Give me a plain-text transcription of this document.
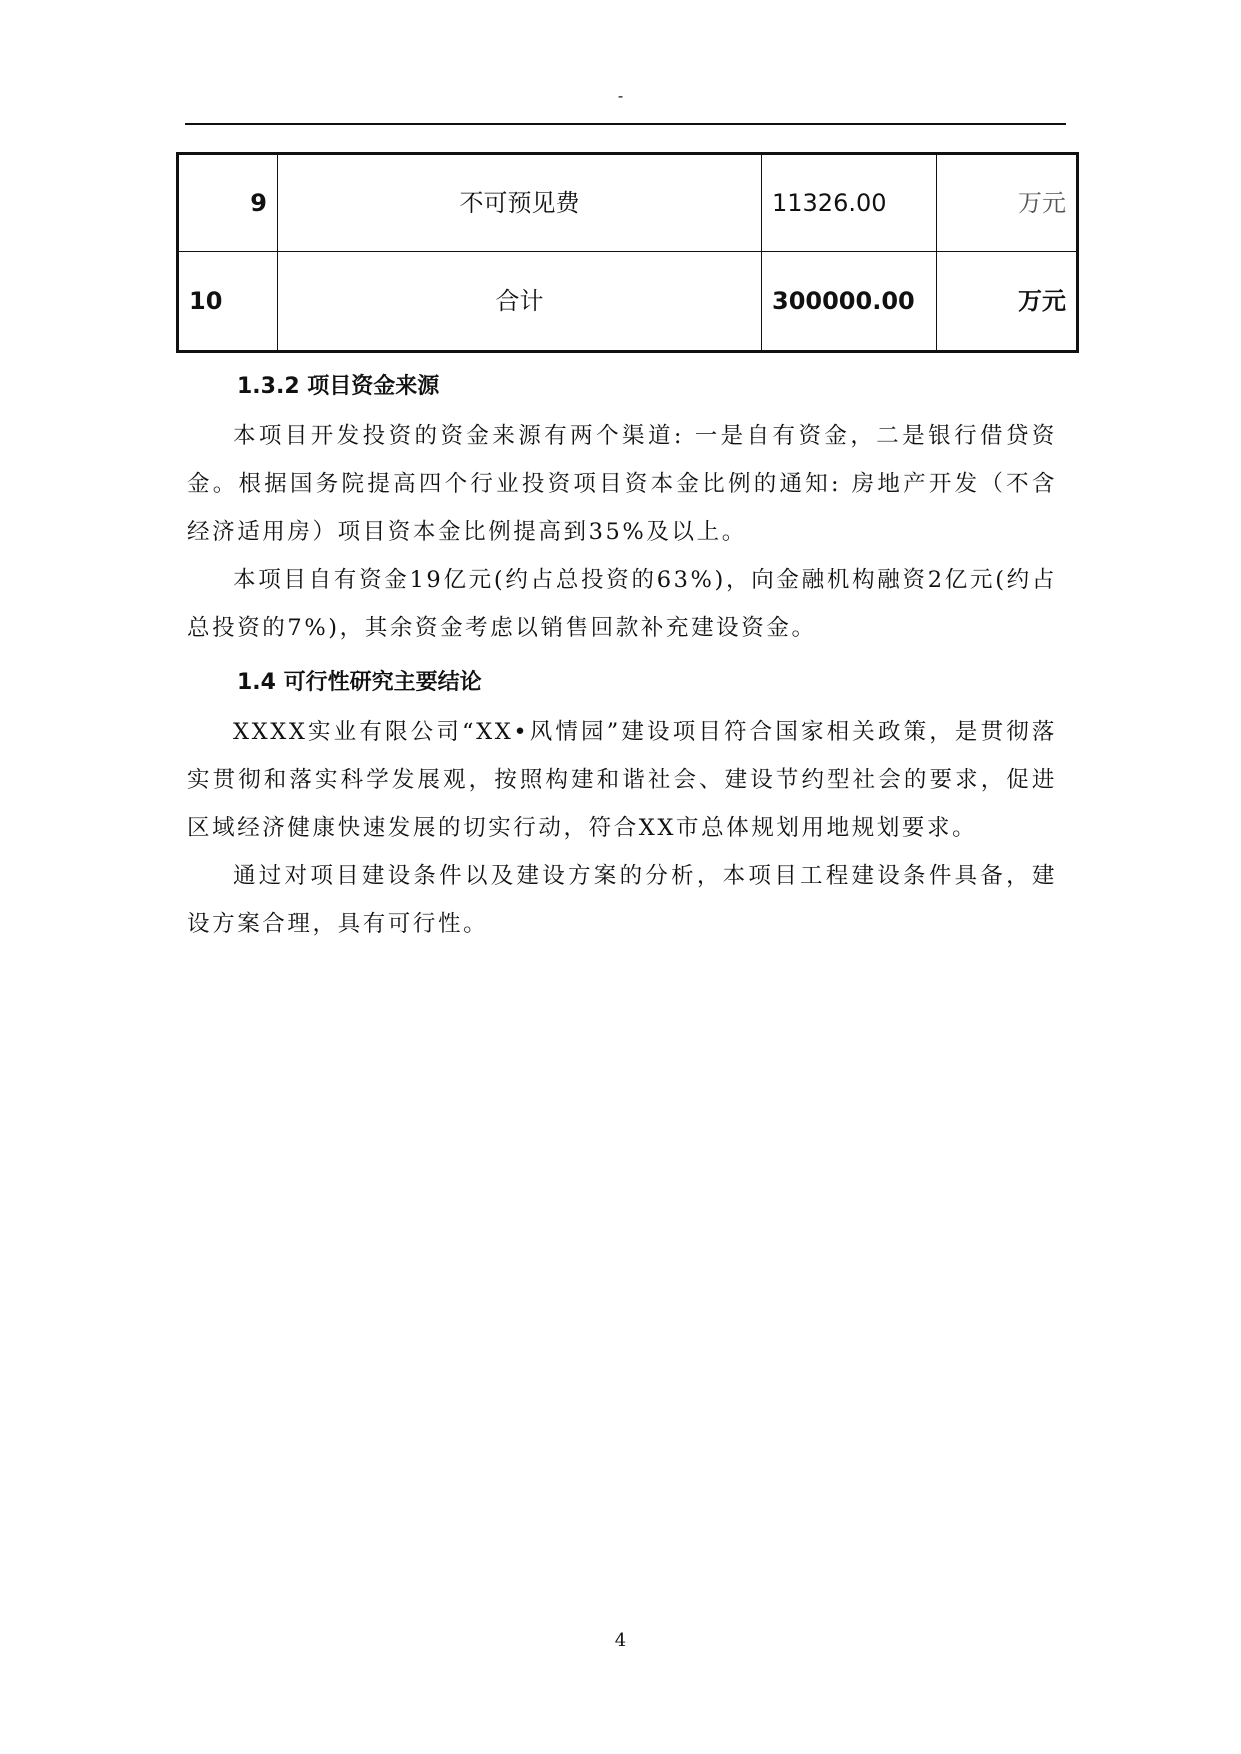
-
9	不可预见费	11326.00	万元
10	合计	300000.00	万元
1.3.2 项目资金来源

本项目开发投资的资金来源有两个渠道: 一是自有资金，二是银行借贷资金。根据国务院提高四个行业投资项目资本金比例的通知: 房地产开发（不含经济适用房）项目资本金比例提高到35%及以上。

本项目自有资金19亿元(约占总投资的63%)，向金融机构融资2亿元(约占总投资的7%)，其余资金考虑以销售回款补充建设资金。

1.4 可行性研究主要结论

XXXX实业有限公司“XX•风情园”建设项目符合国家相关政策，是贯彻落实贯彻和落实科学发展观，按照构建和谐社会、建设节约型社会的要求，促进区域经济健康快速发展的切实行动，符合XX市总体规划用地规划要求。

通过对项目建设条件以及建设方案的分析，本项目工程建设条件具备，建设方案合理，具有可行性。

4
